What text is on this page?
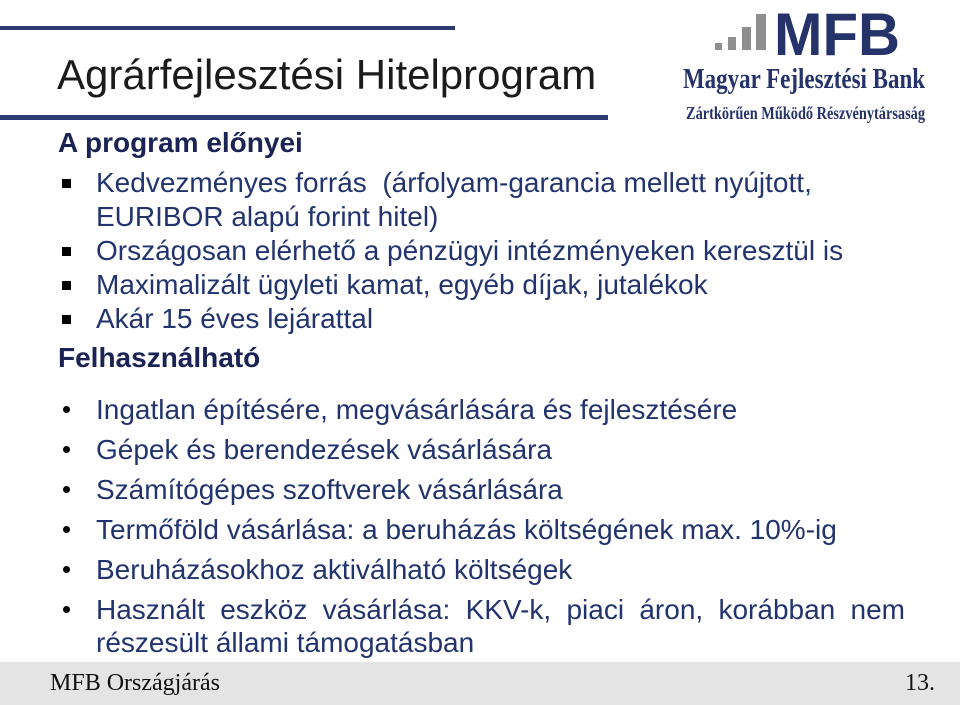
Agrárfejlesztési Hitelprogram
MFB
Magyar Fejlesztési Bank
Zártkörűen Működő Részvénytársaság
A program előnyei
Kedvezményes forrás  (árfolyam-garancia mellett nyújtott, EURIBOR alapú forint hitel)
Országosan elérhető a pénzügyi intézményeken keresztül is
Maximalizált ügyleti kamat, egyéb díjak, jutalékok
Akár 15 éves lejárattal
Felhasználható
Ingatlan építésére, megvásárlására és fejlesztésére
Gépek és berendezések vásárlására
Számítógépes szoftverek vásárlására
Termőföld vásárlása: a beruházás költségének max. 10%-ig
Beruházásokhoz aktiválható költségek
Használt eszköz vásárlása: KKV-k, piaci áron, korábban nem részesült állami támogatásban
MFB Országjárás	13.
